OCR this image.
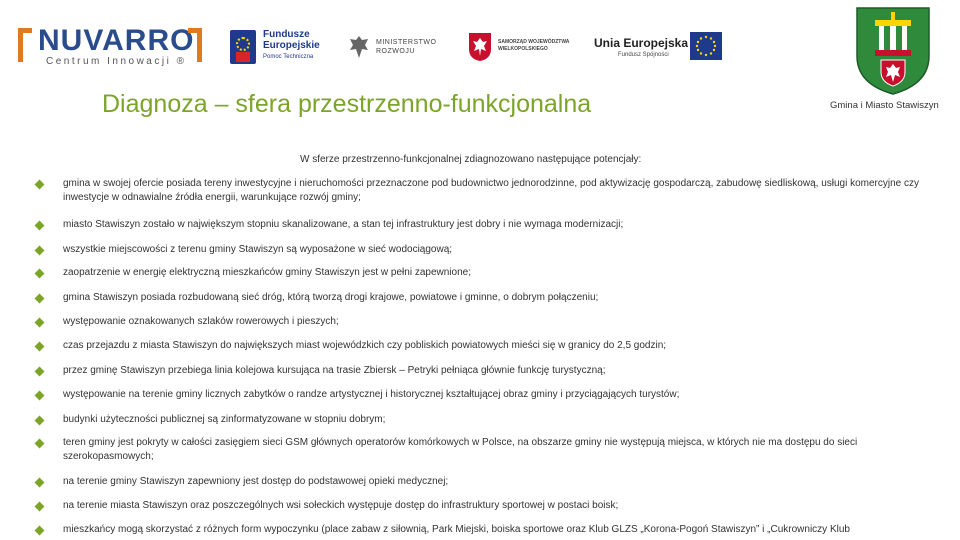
NUVARRO
Centrum Innowacji ®
Fundusze Europejskie
Pomoc Techniczna
MINISTERSTWO ROZWOJU
SAMORZĄD WOJEWÓDZTWA WIELKOPOLSKIEGO	Unia Europejska
Fundusz Spójności
Diagnoza – sfera przestrzenno-funkcjonalna	Gmina i Miasto Stawiszyn
W sferze przestrzenno-funkcjonalnej zdiagnozowano następujące potencjały:
gmina w swojej ofercie posiada tereny inwestycyjne i nieruchomości przeznaczone pod budownictwo jednorodzinne, pod aktywizację gospodarczą, zabudowę siedliskową, usługi komercyjne czy inwestycje w odnawialne źródła energii, warunkujące rozwój gminy;
miasto Stawiszyn zostało w największym stopniu skanalizowane, a stan tej infrastruktury jest dobry i nie wymaga modernizacji;
wszystkie miejscowości z terenu gminy Stawiszyn są wyposażone w sieć wodociągową;
zaopatrzenie w energię elektryczną mieszkańców gminy Stawiszyn jest w pełni zapewnione;
gmina Stawiszyn posiada rozbudowaną sieć dróg, którą tworzą drogi krajowe, powiatowe i gminne, o dobrym połączeniu;
występowanie oznakowanych szlaków rowerowych i pieszych;
czas przejazdu z miasta Stawiszyn do największych miast wojewódzkich czy pobliskich powiatowych mieści się w granicy do 2,5 godzin;
przez gminę Stawiszyn przebiega linia kolejowa kursująca na trasie Zbiersk – Petryki pełniąca głównie funkcję turystyczną;
występowanie na terenie gminy licznych zabytków o randze artystycznej i historycznej kształtującej obraz gminy i przyciągających turystów;
budynki użyteczności publicznej są zinformatyzowane w stopniu dobrym;
teren gminy jest pokryty w całości zasięgiem sieci GSM głównych operatorów komórkowych w Polsce, na obszarze gminy nie występują miejsca, w których nie ma dostępu do sieci szerokopasmowych;
na terenie gminy Stawiszyn zapewniony jest dostęp do podstawowej opieki medycznej;
na terenie miasta Stawiszyn oraz poszczególnych wsi sołeckich występuje dostęp do infrastruktury sportowej w postaci boisk;
mieszkańcy mogą skorzystać z różnych form wypoczynku (place zabaw z siłownią, Park Miejski, boiska sportowe oraz Klub GLZS „Korona-Pogoń Stawiszyn” i „Cukrowniczy Klub
